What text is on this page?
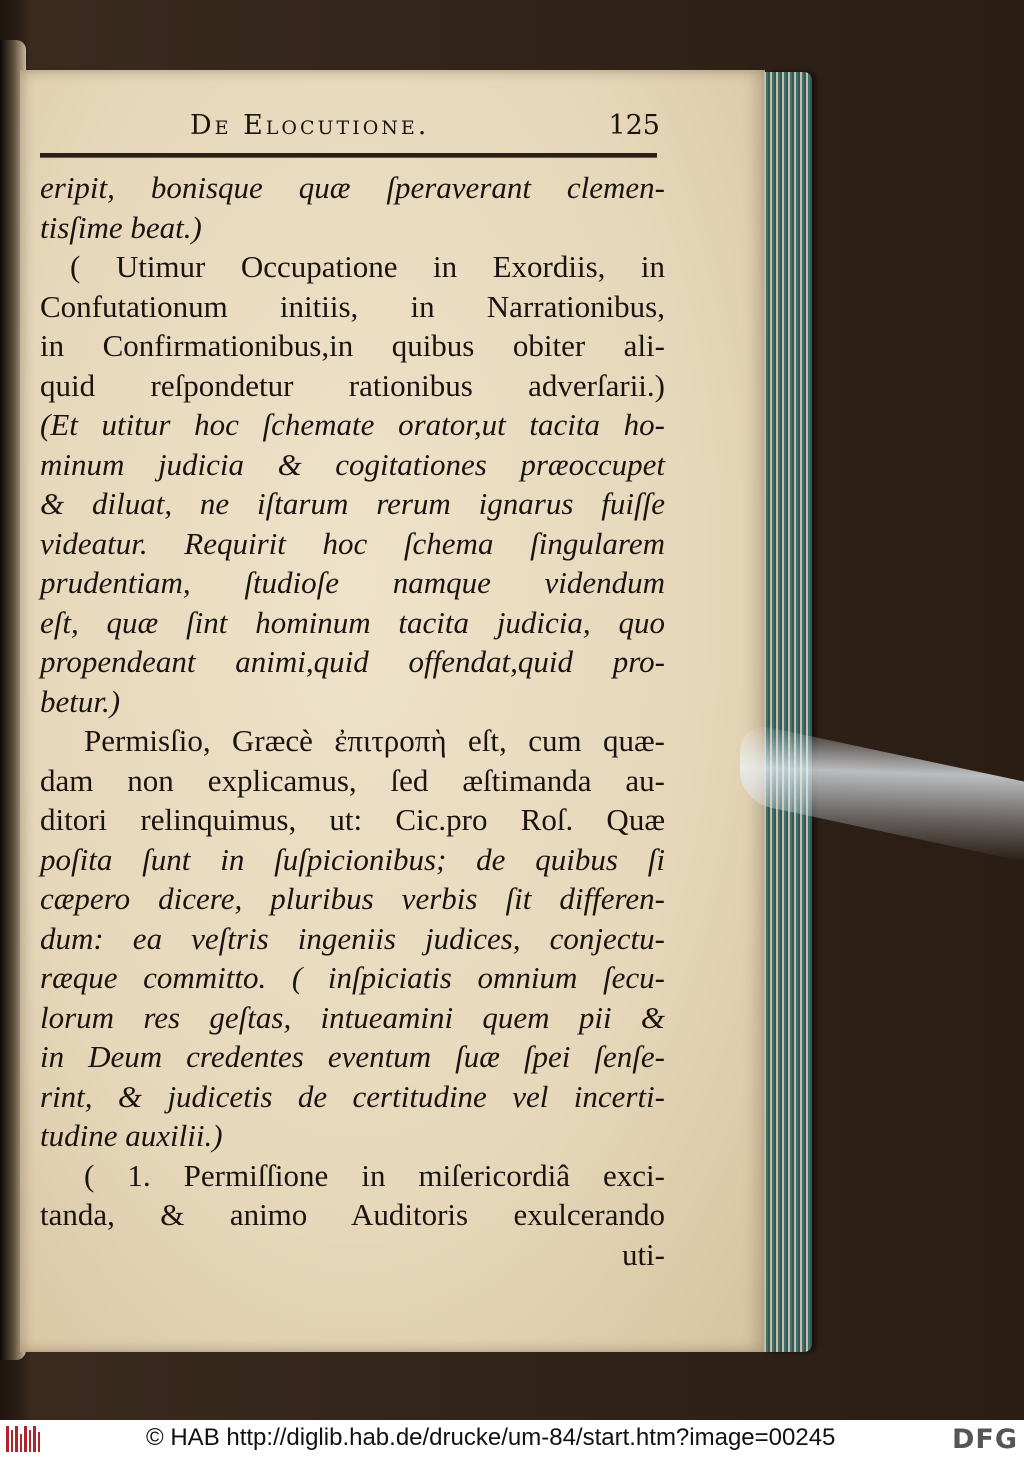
De Elocutione.	125
eripit, bonisque quæ ſperaverant clemen-
tisſime beat.)
( Utimur Occupatione in Exordiis, in
Confutationum initiis, in Narrationibus,
in Confirmationibus,in quibus obiter ali-
quid reſpondetur rationibus adverſarii.)
(Et utitur hoc ſchemate orator,ut tacita ho-
minum judicia & cogitationes præoccupet
& diluat, ne iſtarum rerum ignarus fuiſſe
videatur. Requirit hoc ſchema ſingularem
prudentiam, ſtudioſe namque videndum
eſt, quæ ſint hominum tacita judicia, quo
propendeant animi,quid offendat,quid pro-
betur.)
Permisſio, Græcè ἐπιτροπὴ eſt, cum quæ-
dam non explicamus, ſed æſtimanda au-
ditori relinquimus, ut: Cic.pro Roſ. Quæ
poſita ſunt in ſuſpicionibus; de quibus ſi
cæpero dicere, pluribus verbis ſit differen-
dum: ea veſtris ingeniis judices, conjectu-
ræque committo. ( inſpiciatis omnium ſecu-
lorum res geſtas, intueamini quem pii &
in Deum credentes eventum ſuæ ſpei ſenſe-
rint, & judicetis de certitudine vel incerti-
tudine auxilii.)
( 1. Permiſſione in miſericordiâ exci-
tanda, & animo Auditoris exulcerando
uti-
© HAB http://diglib.hab.de/drucke/um-84/start.htm?image=00245	DFG
